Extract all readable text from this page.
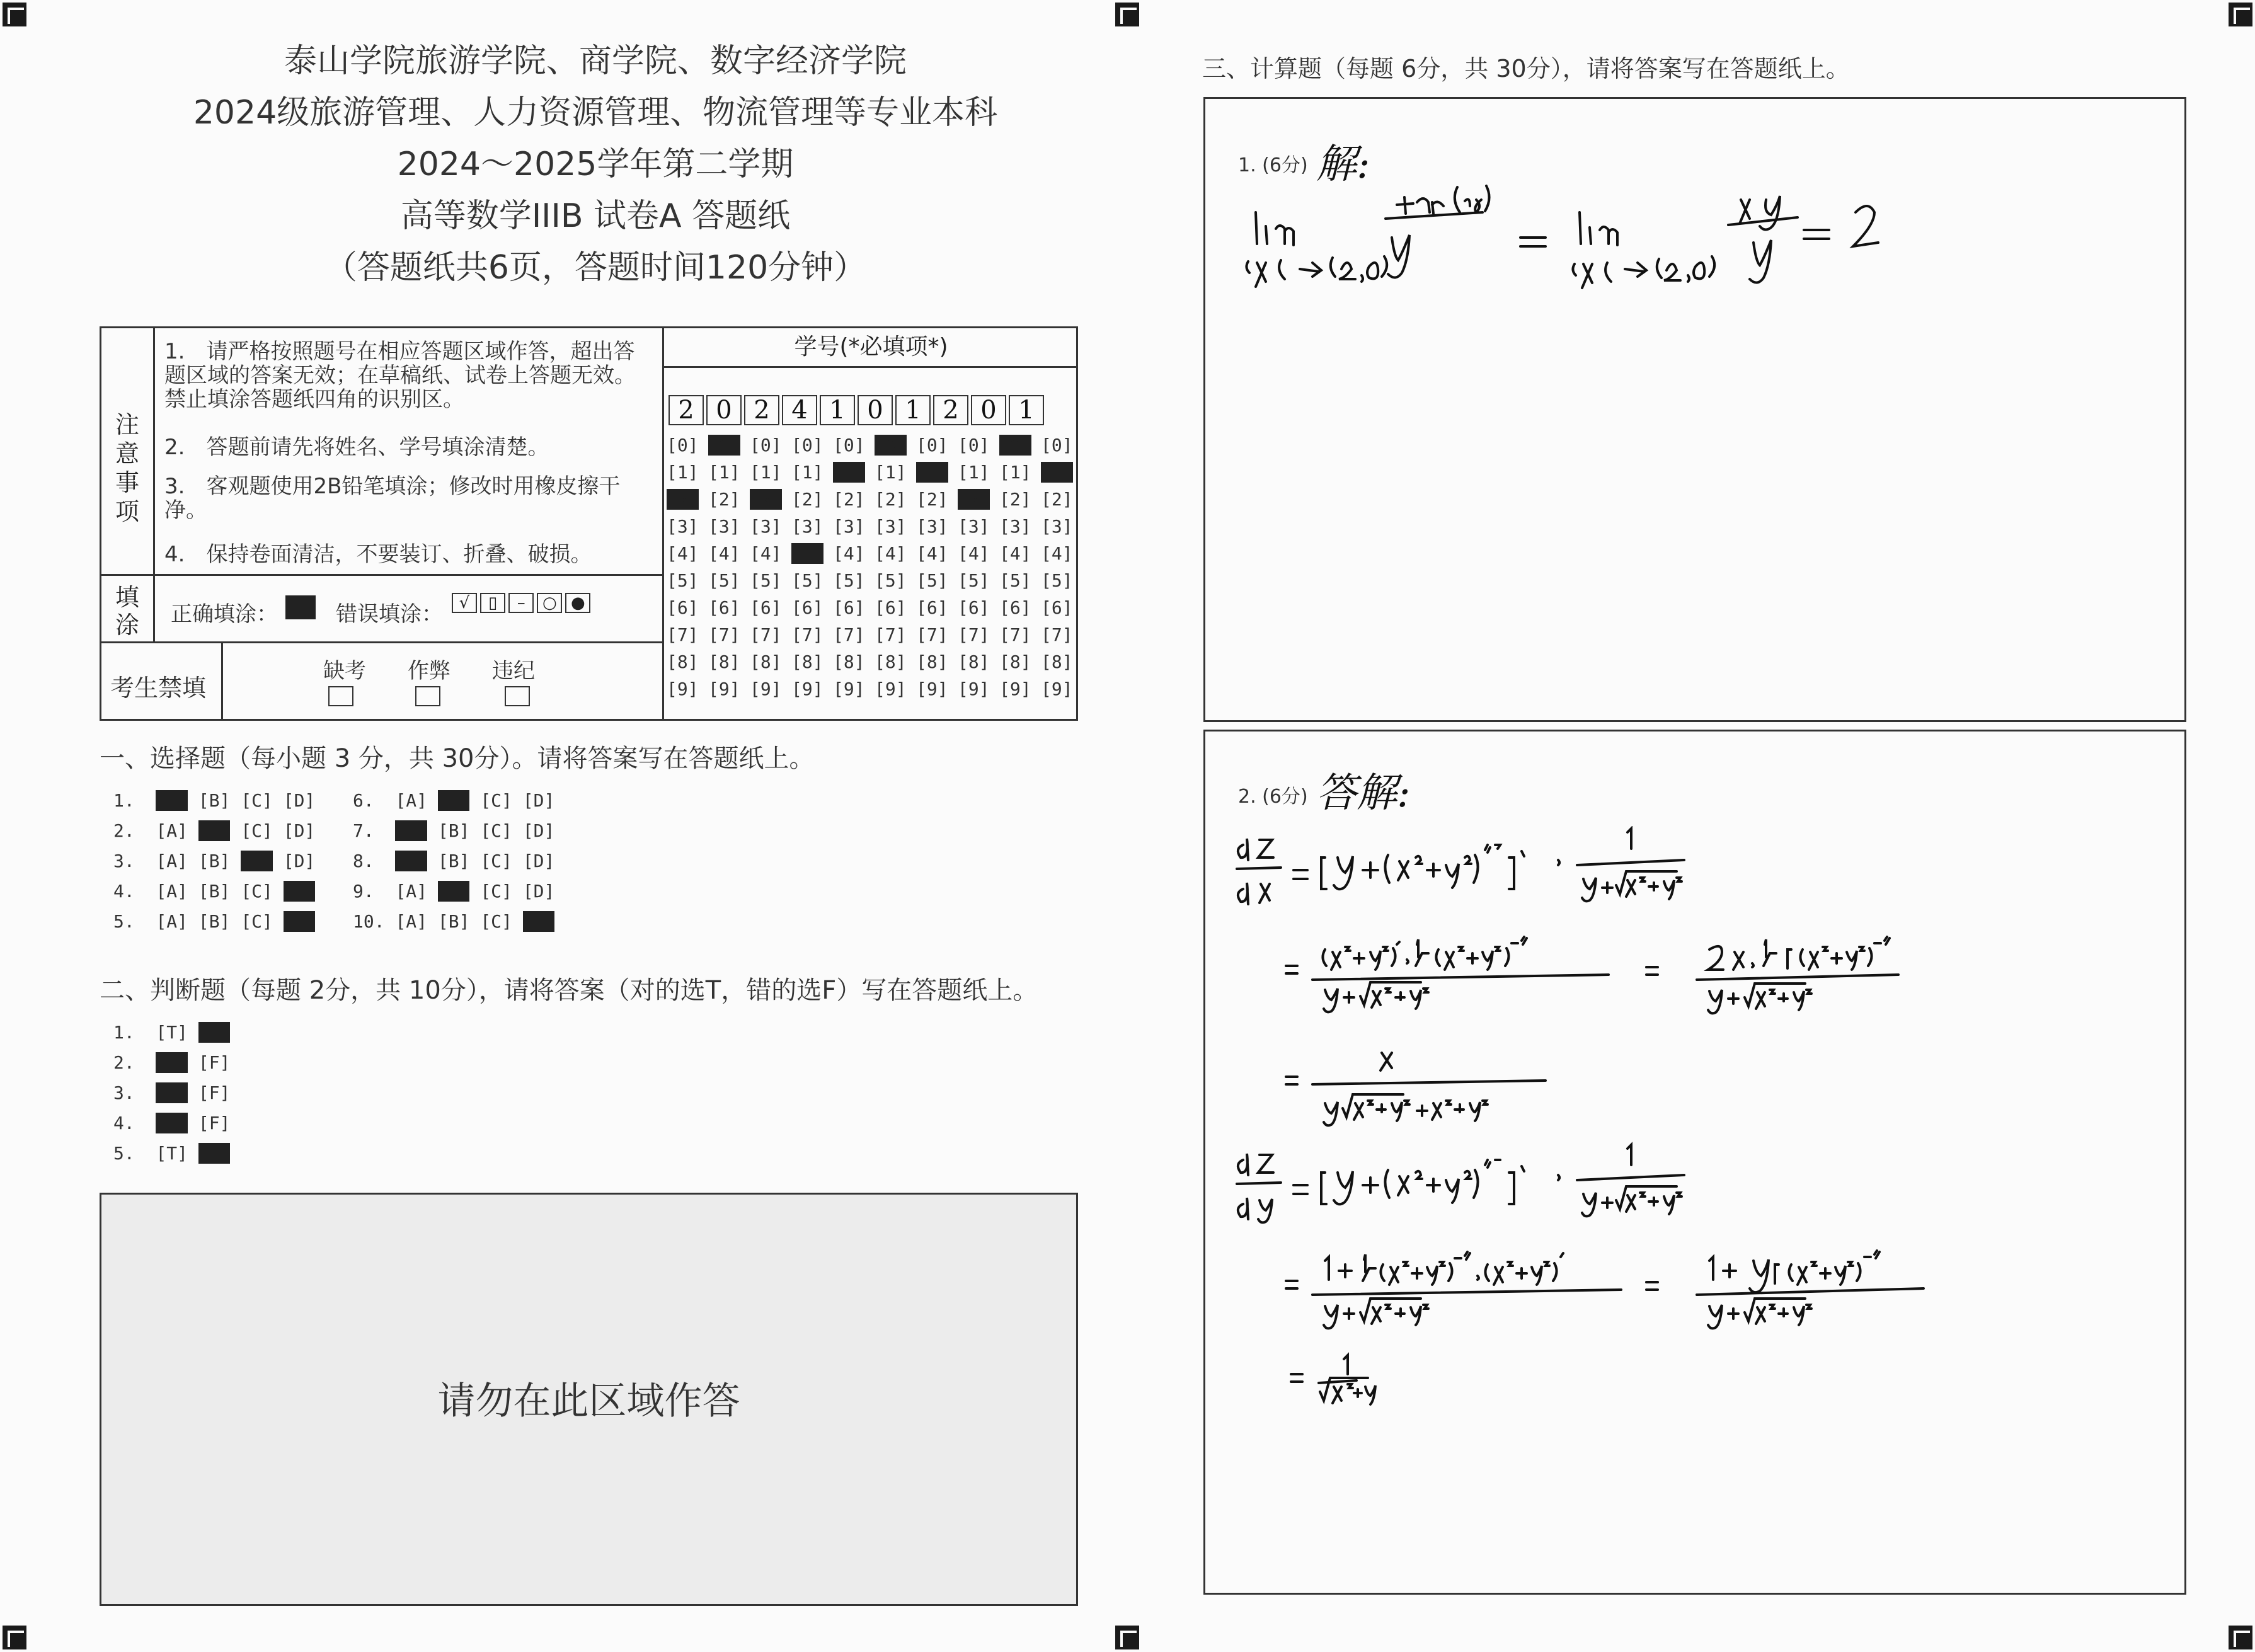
泰山学院旅游学院、商学院、数字经济学院
2024级旅游管理、人力资源管理、物流管理等专业本科
2024～2025学年第二学期
高等数学IIIB 试卷A 答题纸
（答题纸共6页，答题时间120分钟）
注意事项
1.　请严格按照题号在相应答题区域作答，超出答题区域的答案无效；在草稿纸、试卷上答题无效。禁止填涂答题纸四角的识别区。
2.　答题前请先将姓名、学号填涂清楚。
3.　客观题使用2B铅笔填涂；修改时用橡皮擦干净。
4.　保持卷面清洁，不要装订、折叠、破损。
填涂 正确填涂：	错误填涂： √ ▯ – ○ ●
考生禁填
缺考 作弊 违纪
学号(*必填项*)
2 0 2 4 1 0 1 2 0 1
[0] [0] [0] [0] [0] [0] [0] [0] [0] [0]
[1] [1] [1] [1] [1] [1] [1] [1] [1] [1]
[2] [2] [2] [2] [2] [2] [2] [2] [2] [2]
[3] [3] [3] [3] [3] [3] [3] [3] [3] [3]
[4] [4] [4] [4] [4] [4] [4] [4] [4] [4]
[5] [5] [5] [5] [5] [5] [5] [5] [5] [5]
[6] [6] [6] [6] [6] [6] [6] [6] [6] [6]
[7] [7] [7] [7] [7] [7] [7] [7] [7] [7]
[8] [8] [8] [8] [8] [8] [8] [8] [8] [8]
[9] [9] [9] [9] [9] [9] [9] [9] [9] [9]
一、选择题（每小题 3 分，共 30分）。请将答案写在答题纸上。
1.   [B] [C] [D]
2.  [A]	[C] [D]
3.  [A] [B]	[D]
4.  [A] [B] [C]
5.  [A] [B] [C]
6.  [A]	[C] [D]
7.   [B] [C] [D]
8.   [B] [C] [D]
9.  [A]	[C] [D]
10. [A] [B] [C]
二、判断题（每题 2分，共 10分），请将答案（对的选T，错的选F）写在答题纸上。
1.  [T]
2.   [F]
3.   [F]
4.   [F]
5.  [T]
请勿在此区域作答
三、计算题（每题 6分，共 30分），请将答案写在答题纸上。
1. (6分) 解:
2. (6分) 答解:
